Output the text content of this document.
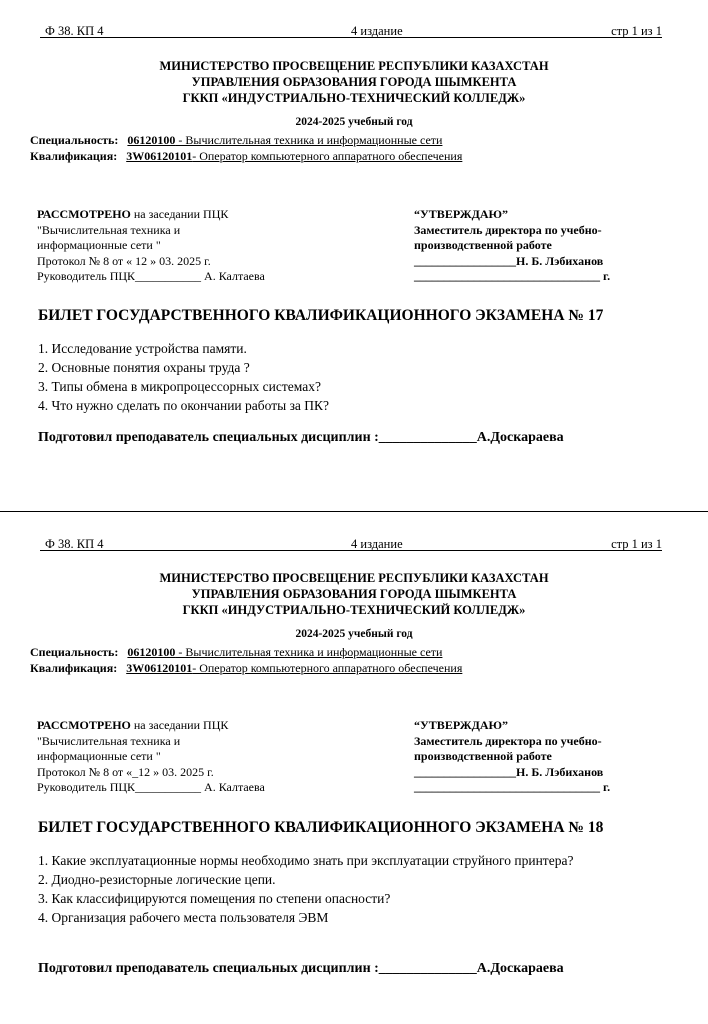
Ф 38. КП 4	4 издание	стр 1 из 1
МИНИСТЕРСТВО ПРОСВЕЩЕНИЕ РЕСПУБЛИКИ КАЗАХСТАН
УПРАВЛЕНИЯ ОБРАЗОВАНИЯ ГОРОДА ШЫМКЕНТА
ГККП «ИНДУСТРИАЛЬНО-ТЕХНИЧЕСКИЙ КОЛЛЕДЖ»
2024-2025 учебный год
Специальность: 06120100 - Вычислительная техника и информационные сети
Квалификация: 3W06120101- Оператор компьютерного аппаратного обеспечения
РАССМОТРЕНО на заседании ПЦК
"Вычислительная техника и
информационные сети "
Протокол № 8 от « 12 » 03. 2025 г.
Руководитель ПЦК___________ А. Калтаева
“УТВЕРЖДАЮ”
Заместитель директора по учебно-
производственной работе
_________________Н. Б. Лэбиханов
_______________________________ г.
БИЛЕТ ГОСУДАРСТВЕННОГО КВАЛИФИКАЦИОННОГО ЭКЗАМЕНА № 17
1. Исследование устройства памяти.
2. Основные понятия охраны труда ?
3. Типы обмена в микропроцессорных системах?
4. Что нужно сделать по окончании работы за ПК?
Подготовил преподаватель специальных дисциплин :______________А.Доскараева
Ф 38. КП 4	4 издание	стр 1 из 1
МИНИСТЕРСТВО ПРОСВЕЩЕНИЕ РЕСПУБЛИКИ КАЗАХСТАН
УПРАВЛЕНИЯ ОБРАЗОВАНИЯ ГОРОДА ШЫМКЕНТА
ГККП «ИНДУСТРИАЛЬНО-ТЕХНИЧЕСКИЙ КОЛЛЕДЖ»
2024-2025 учебный год
Специальность: 06120100 - Вычислительная техника и информационные сети
Квалификация: 3W06120101- Оператор компьютерного аппаратного обеспечения
РАССМОТРЕНО на заседании ПЦК
"Вычислительная техника и
информационные сети "
Протокол № 8 от «_12 » 03. 2025 г.
Руководитель ПЦК___________ А. Калтаева
“УТВЕРЖДАЮ”
Заместитель директора по учебно-
производственной работе
_________________Н. Б. Лэбиханов
_______________________________ г.
БИЛЕТ ГОСУДАРСТВЕННОГО КВАЛИФИКАЦИОННОГО ЭКЗАМЕНА № 18
1. Какие эксплуатационные нормы необходимо знать при эксплуатации струйного принтера?
2. Диодно-резисторные логические цепи.
3. Как классифицируются помещения по степени опасности?
4. Организация рабочего места пользователя ЭВМ
Подготовил преподаватель специальных дисциплин :______________А.Доскараева
